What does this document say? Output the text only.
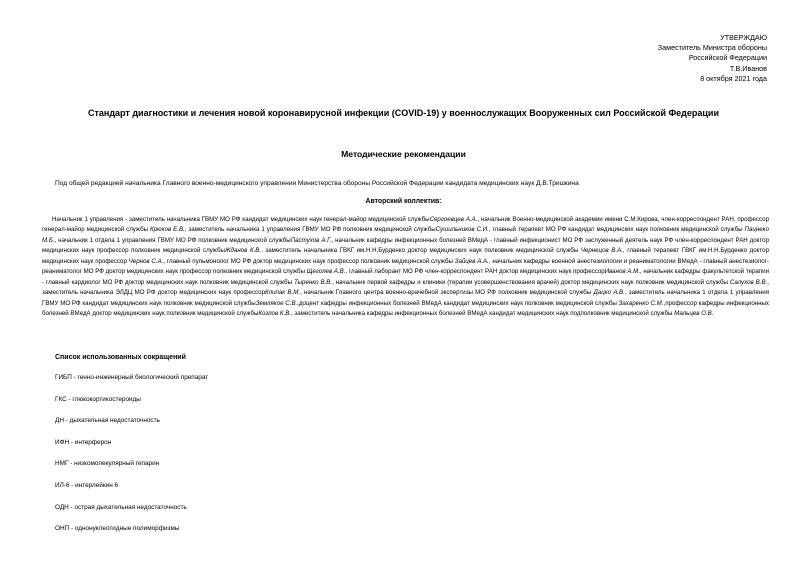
УТВЕРЖДАЮ
Заместитель Министра обороны
Российской Федерации
Т.В.Иванов
8 октября 2021 года
Стандарт диагностики и лечения новой коронавирусной инфекции (COVID-19) у военнослужащих Вооруженных сил Российской Федерации
Методические рекомендации
Под общей редакцией начальника Главного военно-медицинского управления Министерства обороны Российской Федерации кандидата медицинских наук Д.В.Тришкина
Авторский коллектив:
Начальник 1 управления - заместитель начальника ГВМУ МО РФ кандидат медицинских наук генерал-майор медицинской службыСергоевцев А.А., начальник Военно-медицинской академии имени С.М.Кирова, член-корреспондент РАН, профессор генерал-майор медицинской службы Крюков Е.В., заместитель начальника 1 управления ГВМУ МО РФ полковник медицинской службыСушильников С.И., главный терапевт МО РФ кандидат медицинских наук полковник медицинской службы Пацнеко М.Б., начальник 1 отдела 1 управления ГВМУ МО РФ полковник медицинской службыПастухов А.Г., начальник кафедры инфекционных болезней ВМедА - главный инфекционист МО РФ заслуженный деятель наук РФ член-корреспондент РАН доктор медицинских наук профессор полковник медицинской службыЖданов К.В., заместитель начальника ГВКГ им.Н.Н.Бурденко доктор медицинских наук полковник медицинской службы Чернецов В.А., главный терапевт ГВКГ им.Н.Н.Бурденко доктор медицинских наук профессор Чернов С.А., главный пульмонолог МО РФ доктор медицинских наук профессор полковник медицинской службы Зайцев А.А., начальник кафедры военной анестезиологии и реаниматологии ВМедА - главный анестезиолог-реаниматолог МО РФ доктор медицинских наук профессор полковник медицинской службы Щеголев А.В., главный лаборант МО РФ член-корреспондент РАН доктор медицинских наук профессорИванов А.М., начальник кафедры факультетской терапии - главный кардиолог МО РФ доктор медицинских наук полковник медицинской службы Тыренко В.В., начальник первой кафедры и клиники (терапии усовершенствования врачей) доктор медицинских наук полковник медицинской службы Салухов В.В., заместитель начальника ЭЛДЦ МО РФ доктор медицинских наук профессорКлипак В.М., начальник Главного центра военно-врачебной экспертизы МО РФ полковник медицинской службы Дацко А.В., заместитель начальника 1 отдела 1 управления ГВМУ МО РФ кандидат медицинских наук полковник медицинской службыЗемлякое С.В.,доцент кафедры инфекционных болезней ВМедА кандидат медицинских наук полковник медицинской службы Захаренко С.М.,профессор кафедры инфекционных болезней ВМедА доктор медицинских наук полковник медицинской службыКозлов К.В., заместитель начальника кафедры инфекционных болезней ВМедА кандидат медицинских наук подполковник медицинской службы Мальцев О.В.
Список использованных сокращений
ГИБП - генно-инженерный биологический препарат
ГКС - глюкокортикостероиды
ДН - дыхательная недостаточность
ИФН - интерферон
НМГ - низкомолекулярный гепарин
ИЛ-6 - интерлейкин 6
ОДН - острая дыхательная недостаточность
ОНП - однонуклеотидные полиморфизмы
